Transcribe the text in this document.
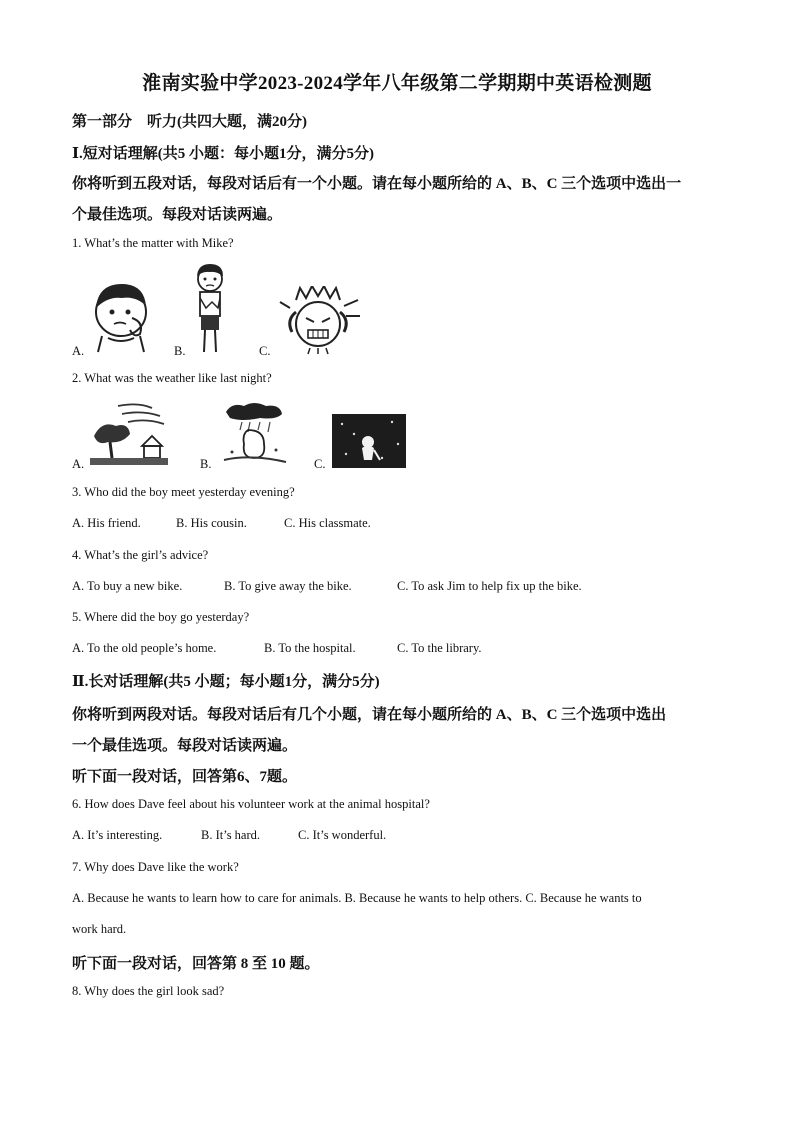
淮南实验中学2023-2024学年八年级第二学期期中英语检测题
第一部分　听力(共四大题，满20分)
Ⅰ.短对话理解(共5 小题：每小题1分，满分5分)
你将听到五段对话，每段对话后有一个小题。请在每小题所给的 A、B、C 三个选项中选出一
个最佳选项。每段对话读两遍。
1. What’s the matter with Mike?
A.	B.	C.
2. What was the weather like last night?
A.	B.	C.
3. Who did the boy meet yesterday evening?
A. His friend.	B. His cousin.	C. His classmate.
4. What’s the girl’s advice?
A. To buy a new bike.	B. To give away the bike.	C. To ask Jim to help fix up the bike.
5. Where did the boy go yesterday?
A. To the old people’s home.	B. To the hospital.	C. To the library.
Ⅱ.长对话理解(共5 小题；每小题1分，满分5分)
你将听到两段对话。每段对话后有几个小题，请在每小题所给的 A、B、C 三个选项中选出
一个最佳选项。每段对话读两遍。
听下面一段对话，回答第6、7题。
6. How does Dave feel about his volunteer work at the animal hospital?
A. It’s interesting.	B. It’s hard.	C. It’s wonderful.
7. Why does Dave like the work?
A. Because he wants to learn how to care for animals. B. Because he wants to help others. C. Because he wants to
work hard.
听下面一段对话，回答第 8 至 10 题。
8. Why does the girl look sad?
